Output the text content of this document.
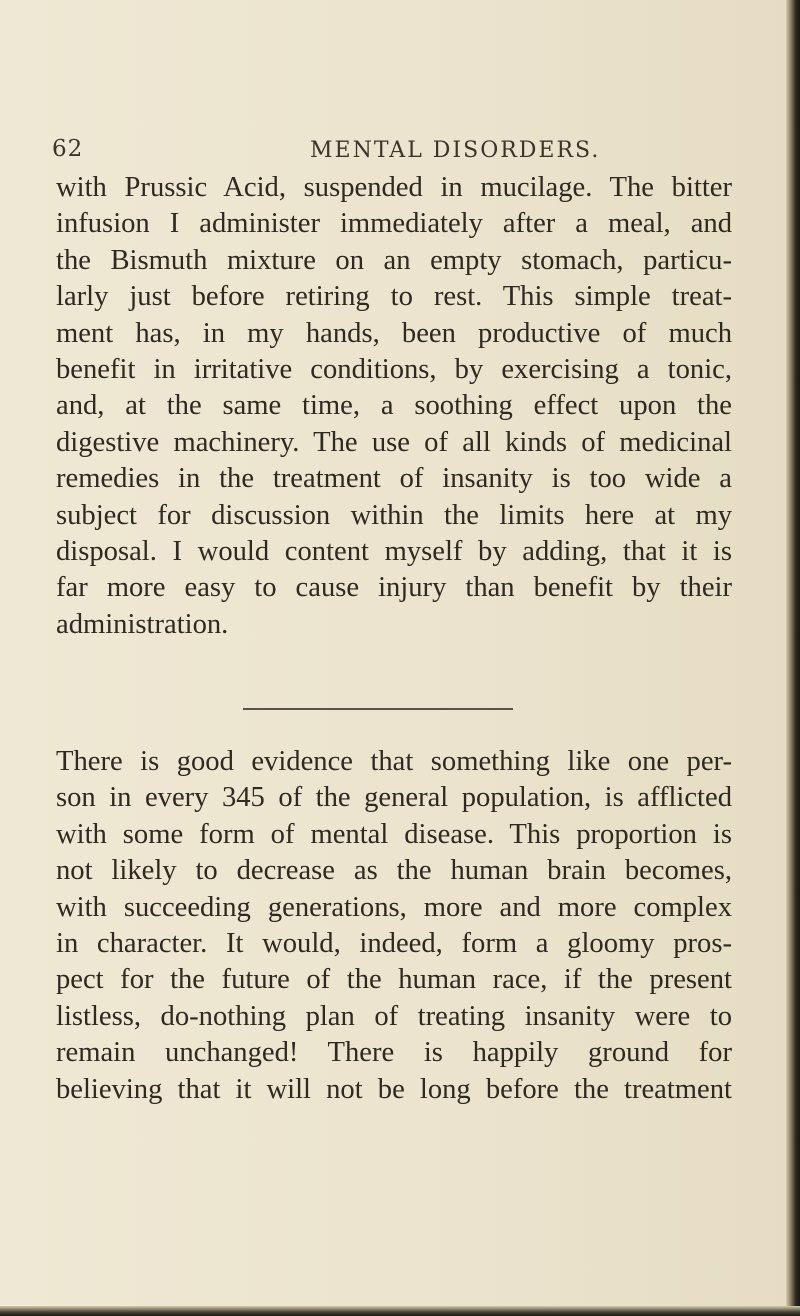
62	MENTAL DISORDERS.

with Prussic Acid, suspended in mucilage. The bitter
infusion I administer immediately after a meal, and
the Bismuth mixture on an empty stomach, particu-
larly just before retiring to rest. This simple treat-
ment has, in my hands, been productive of much
benefit in irritative conditions, by exercising a tonic,
and, at the same time, a soothing effect upon the
digestive machinery. The use of all kinds of medicinal
remedies in the treatment of insanity is too wide a
subject for discussion within the limits here at my
disposal. I would content myself by adding, that it is
far more easy to cause injury than benefit by their
administration.

There is good evidence that something like one per-
son in every 345 of the general population, is afflicted
with some form of mental disease. This proportion is
not likely to decrease as the human brain becomes,
with succeeding generations, more and more complex
in character. It would, indeed, form a gloomy pros-
pect for the future of the human race, if the present
listless, do-nothing plan of treating insanity were to
remain unchanged! There is happily ground for
believing that it will not be long before the treatment
